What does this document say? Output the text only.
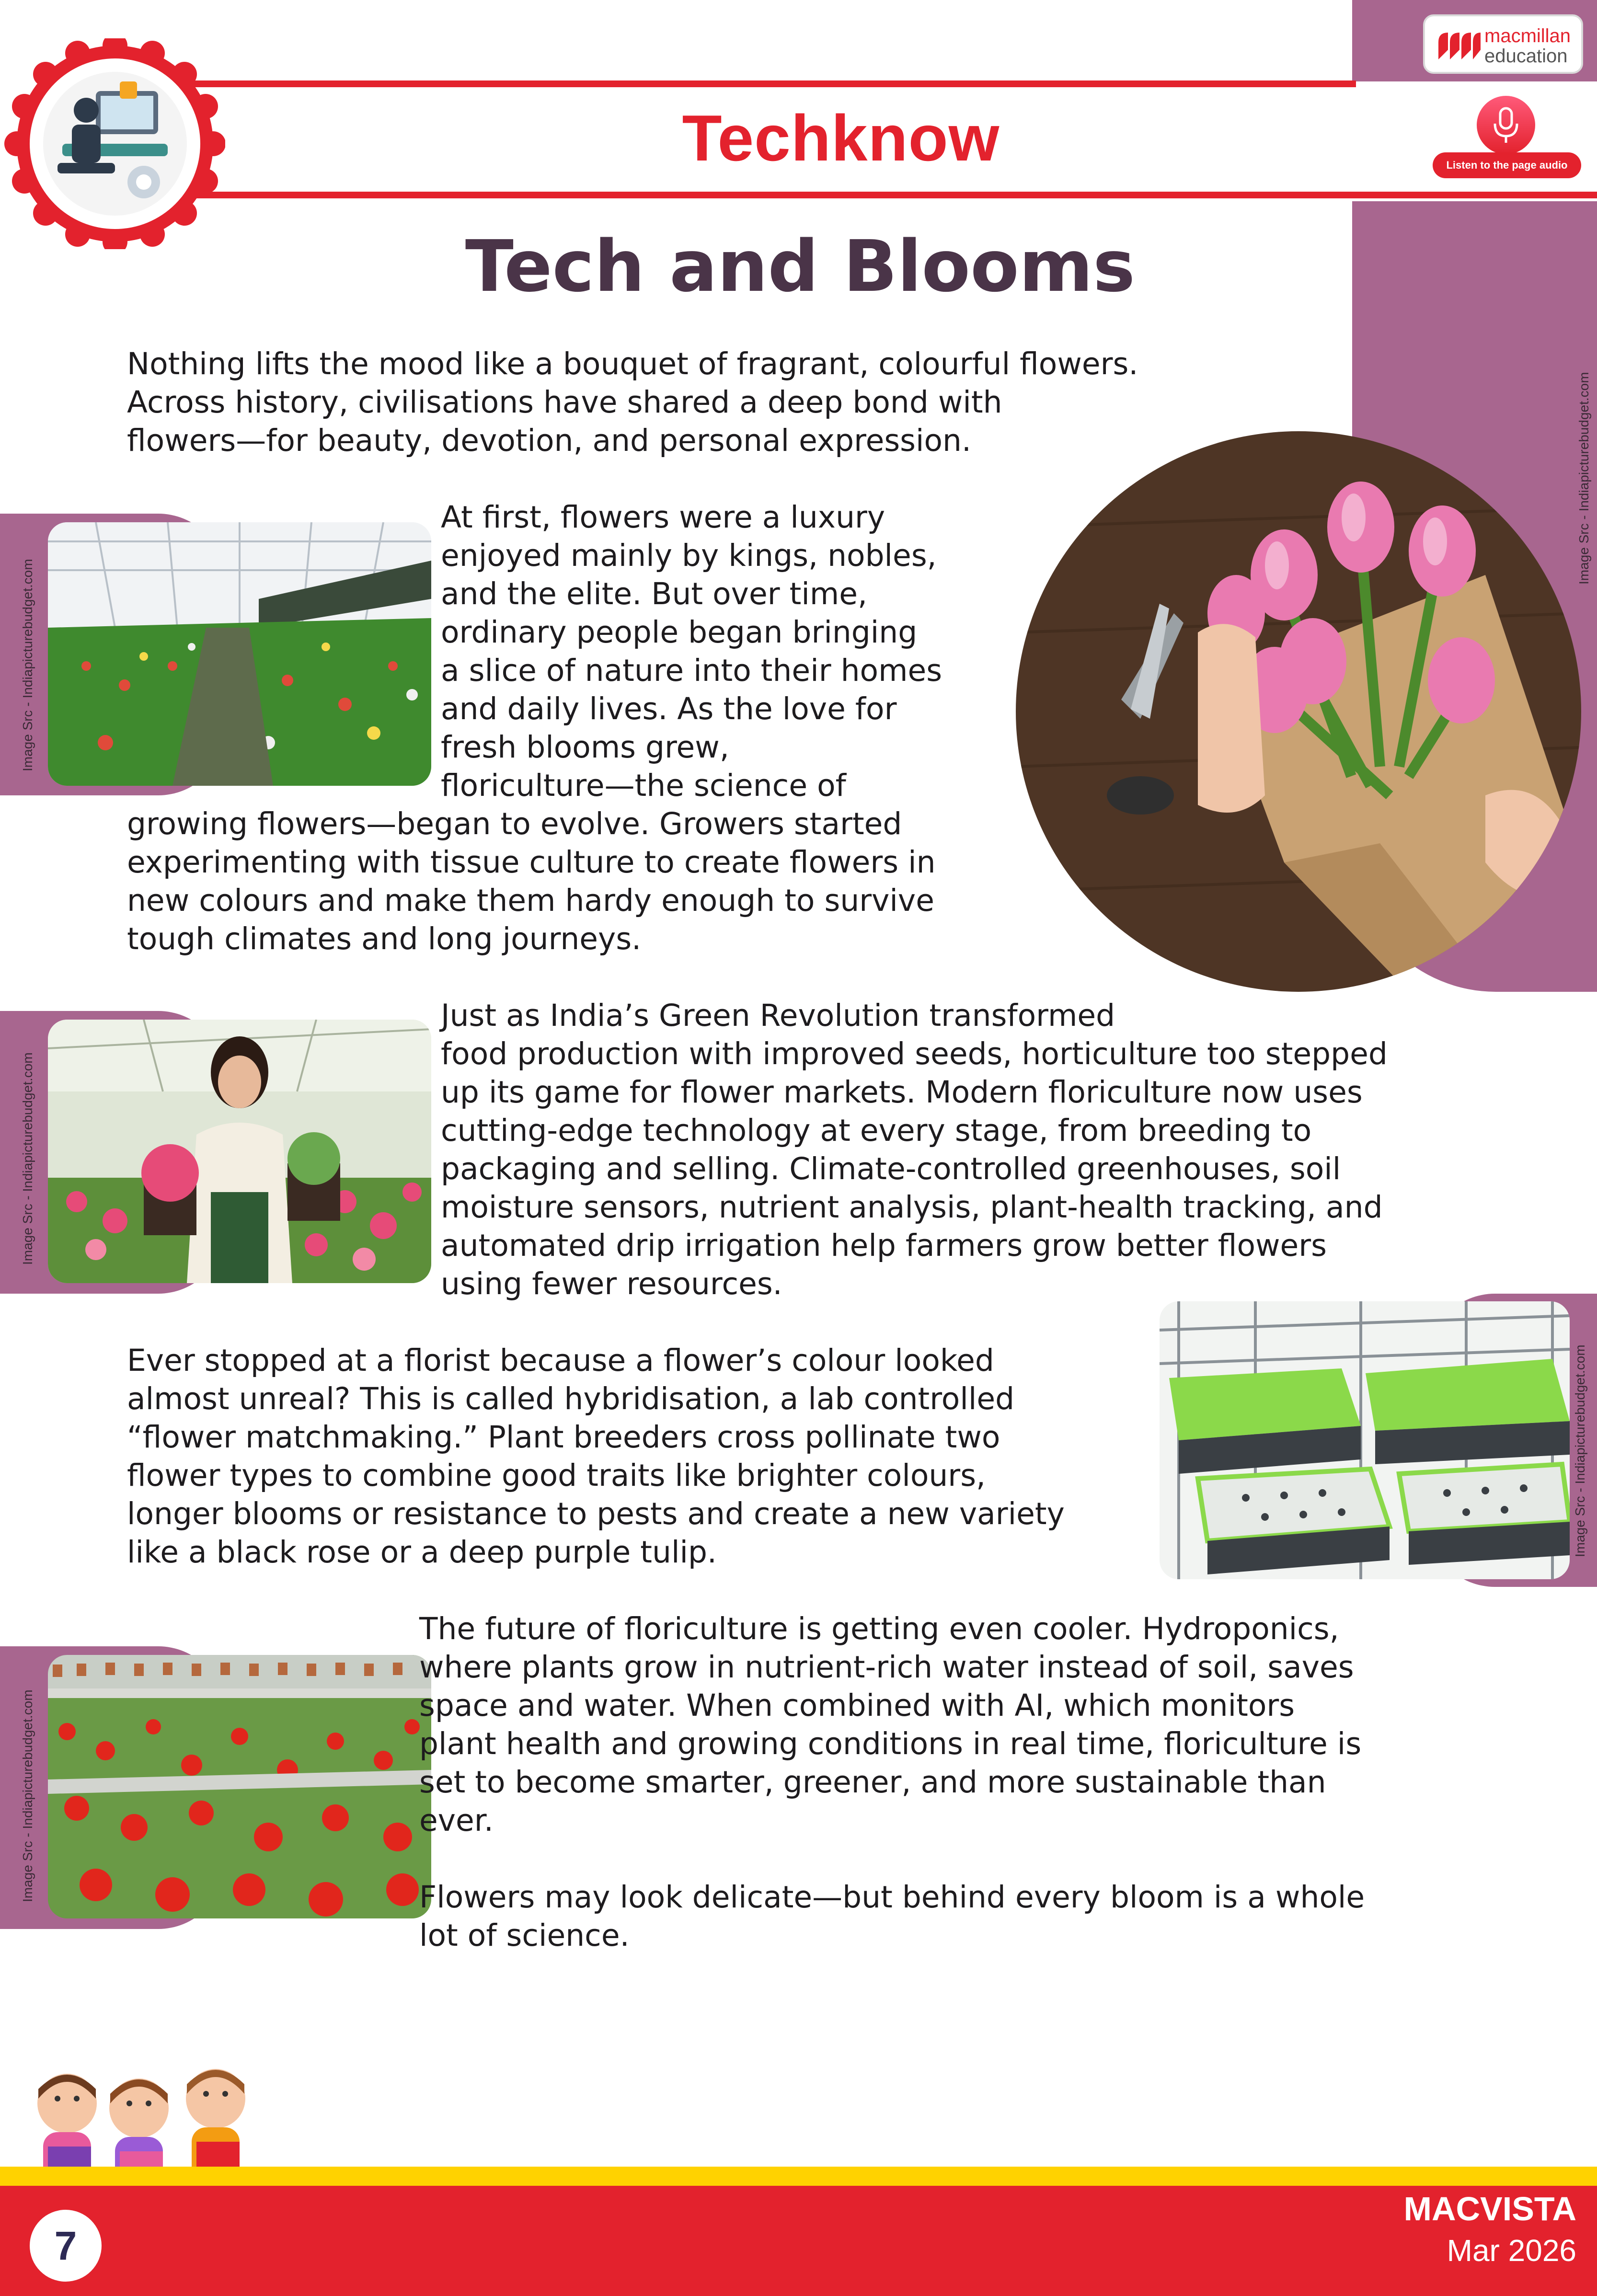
macmillan
education
Techknow	Listen to the page audio
Tech and Blooms

Nothing lifts the mood like a bouquet of fragrant, colourful flowers.
Across history, civilisations have shared a deep bond with
flowers—for beauty, devotion, and personal expression.

Image Src - Indiapicturebudget.com

At first, flowers were a luxury
enjoyed mainly by kings, nobles,
and the elite. But over time,
ordinary people began bringing
a slice of nature into their homes
and daily lives. As the love for
fresh blooms grew,
floriculture—the science of

growing flowers—began to evolve. Growers started
experimenting with tissue culture to create flowers in
new colours and make them hardy enough to survive
tough climates and long journeys.

Image Src - Indiapicturebudget.com

Just as India’s Green Revolution transformed
food production with improved seeds, horticulture too stepped
up its game for flower markets. Modern floriculture now uses
cutting-edge technology at every stage, from breeding to
packaging and selling. Climate-controlled greenhouses, soil
moisture sensors, nutrient analysis, plant-health tracking, and
automated drip irrigation help farmers grow better flowers
using fewer resources.

Image Src - Indiapicturebudget.com

Ever stopped at a florist because a flower’s colour looked
almost unreal? This is called hybridisation, a lab controlled
“flower matchmaking.” Plant breeders cross pollinate two
flower types to combine good traits like brighter colours,
longer blooms or resistance to pests and create a new variety
like a black rose or a deep purple tulip.

Image Src - Indiapicturebudget.com

The future of floriculture is getting even cooler. Hydroponics,
where plants grow in nutrient-rich water instead of soil, saves
space and water. When combined with AI, which monitors
plant health and growing conditions in real time, floriculture is
set to become smarter, greener, and more sustainable than
ever.

Flowers may look delicate—but behind every bloom is a whole
lot of science.

7
MACVISTA
Mar 2026
Image Src - Indiapicturebudget.com
